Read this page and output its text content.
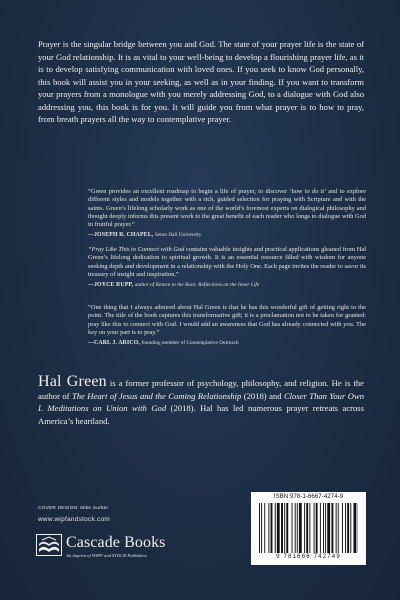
Prayer is the singular bridge between you and God. The state of your prayer life is the state of your God relationship. It is as vital to your well-being to develop a flourishing prayer life, as it is to develop satisfying communication with loved ones. If you seek to know God personally, this book will assist you in your seeking, as well as in your finding. If you want to transform your prayers from a monologue with you merely addressing God, to a dialogue with God also addressing you, this book is for you. It will guide you from what prayer is to how to pray, from breath prayers all the way to contemplative prayer.
“Green provides an excellent roadmap to begin a life of prayer, to discover ‘how to do it’ and to explore different styles and models together with a rich, guided selection for praying with Scripture and with the saints. Green’s lifelong scholarly work as one of the world’s foremost experts on dialogical philosophy and thought deeply informs this present work to the great benefit of each reader who longs to dialogue with God in fruitful prayer.”
—JOSEPH R. CHAPEL, Seton Hall University
“Pray Like This to Connect with God contains valuable insights and practical applications gleaned from Hal Green’s lifelong dedication to spiritual growth. It is an essential resource filled with wisdom for anyone seeking depth and development in a relationship with the Holy One. Each page invites the reader to savor its treasury of insight and inspiration.”
—JOYCE RUPP, author of Return to the Root: Reflections on the Inner Life
“One thing that I always admired about Hal Green is that he has this wonderful gift of getting right to the point. The title of the book captures this transformative gift; it is a proclamation not to be taken for granted: pray like this to connect with God. I would add an awareness that God has already connected with you. The key on your part is to pray.”
—CARL J. ARICO, founding member of Contemplative Outreach
Hal Green is a former professor of psychology, philosophy, and religion. He is the author of The Heart of Jesus and the Coming Relationship (2018) and Closer Than Your Own I. Meditations on Union with God (2018). Hal has led numerous prayer retreats across America’s heartland.
COVER DESIGN: Mike Surber
www.wipfandstock.com
Cascade Books
An Imprint of WIPF and STOCK Publishers
ISBN 978-1-6667-4274-9
9 781666 742749
